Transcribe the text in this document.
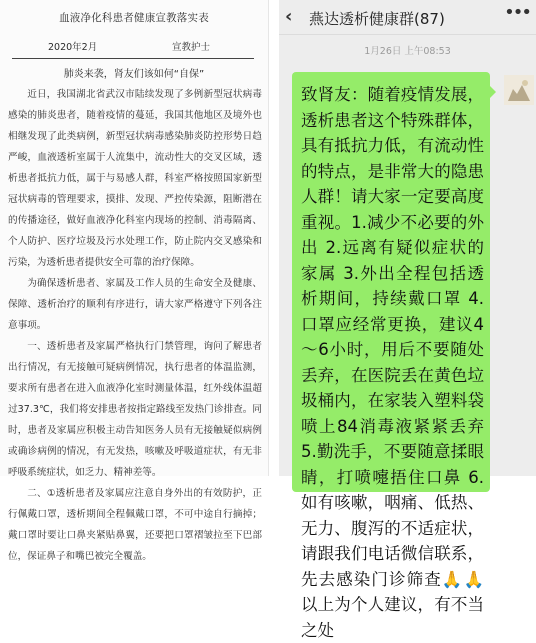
血液净化科患者健康宣教落实表
2020年2月	宣教护士
肺炎来袭，肾友们该如何“自保”

近日，我国湖北省武汉市陆续发现了多例新型冠状病毒感染的肺炎患者，随着疫情的蔓延，我国其他地区及境外也相继发现了此类病例，新型冠状病毒感染肺炎防控形势日趋严峻，血液透析室属于人流集中，流动性大的交叉区域，透析患者抵抗力低，属于与易感人群，科室严格按照国家新型冠状病毒的管理要求，摸排、发现、严控传染源，阻断潜在的传播途径，做好血液净化科室内现场的控制、消毒隔离、个人防护、医疗垃圾及污水处理工作，防止院内交叉感染和污染，为透析患者提供安全可靠的治疗保障。

为确保透析患者、家属及工作人员的生命安全及健康、保障、透析治疗的顺利有序进行，请大家严格遵守下列各注意事项。

一、透析患者及家属严格执行门禁管理，询问了解患者出行情况，有无接触可疑病例情况，执行患者的体温监测，要求所有患者在进入血液净化室时测量体温，红外线体温超过37.3℃，我们将安排患者按指定路线至发热门诊排查。同时，患者及家属应积极主动告知医务人员有无接触疑似病例或确诊病例的情况，有无发热，咳嗽及呼吸道症状，有无非呼吸系统症状，如乏力、精神差等。

二、①透析患者及家属应注意自身外出的有效防护，正行佩戴口罩，透析期间全程佩戴口罩，不可中途自行摘掉；戴口罩时要让口鼻夹紧贴鼻翼，还要把口罩褶皱拉至下巴部位，保证鼻子和嘴巴被完全覆盖。

‹ 燕达透析健康群(87)	•••
1月26日 上午08:53

致肾友：随着疫情发展，透析患者这个特殊群体，具有抵抗力低，有流动性的特点，是非常大的隐患人群！请大家一定要高度重视。1.减少不必要的外出 2.远离有疑似症状的家属 3.外出全程包括透析期间，持续戴口罩 4.口罩应经常更换，建议4～6小时，用后不要随处丢弃，在医院丢在黄色垃圾桶内，在家装入塑料袋喷上84消毒液紧紧丢弃 5.勤洗手，不要随意揉眼睛，打喷嚏捂住口鼻 6.如有咳嗽，咽痛、低热、无力、腹泻的不适症状，请跟我们电话微信联系，先去感染门诊筛查🙏🙏以上为个人建议，有不当之处
